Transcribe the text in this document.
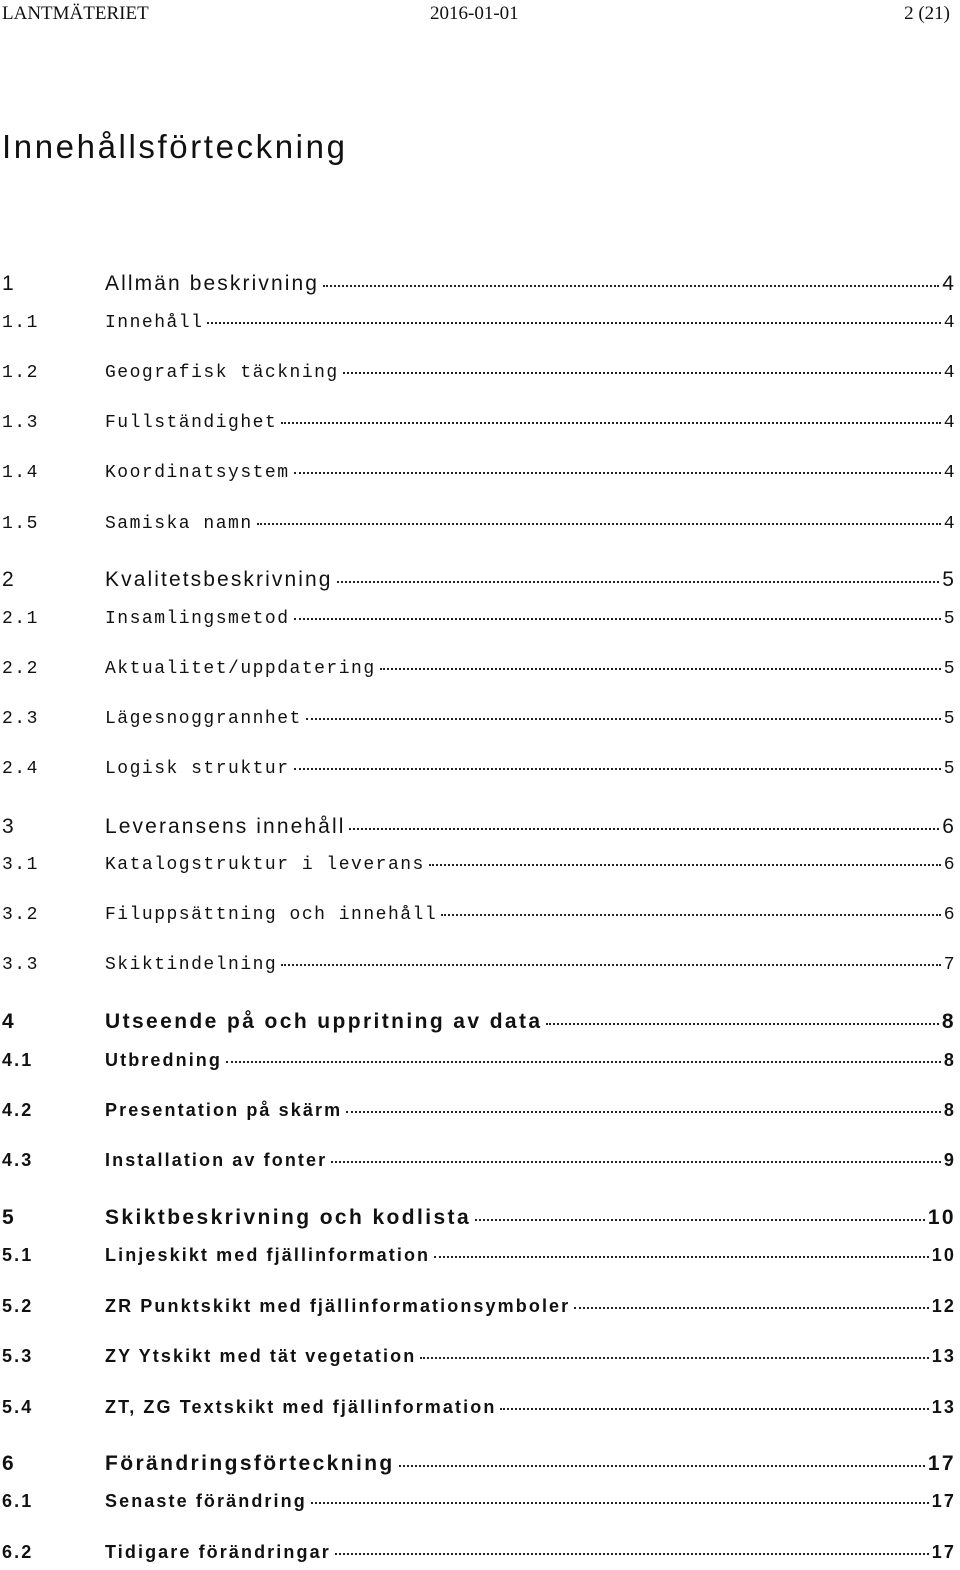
LANTMÄTERIET	2016-01-01	2 (21)
Innehållsförteckning
1	Allmän beskrivning	4
1.1	Innehåll	4
1.2	Geografisk täckning	4
1.3	Fullständighet	4
1.4	Koordinatsystem	4
1.5	Samiska namn	4
2	Kvalitetsbeskrivning	5
2.1	Insamlingsmetod	5
2.2	Aktualitet/uppdatering	5
2.3	Lägesnoggrannhet	5
2.4	Logisk struktur	5
3	Leveransens innehåll	6
3.1	Katalogstruktur i leverans	6
3.2	Filuppsättning och innehåll	6
3.3	Skiktindelning	7
4	Utseende på och uppritning av data	8
4.1	Utbredning	8
4.2	Presentation på skärm	8
4.3	Installation av fonter	9
5	Skiktbeskrivning och kodlista	10
5.1	Linjeskikt med fjällinformation	10
5.2	ZR Punktskikt med fjällinformationsymboler	12
5.3	ZY Ytskikt med tät vegetation	13
5.4	ZT, ZG Textskikt med fjällinformation	13
6	Förändringsförteckning	17
6.1	Senaste förändring	17
6.2	Tidigare förändringar	17
